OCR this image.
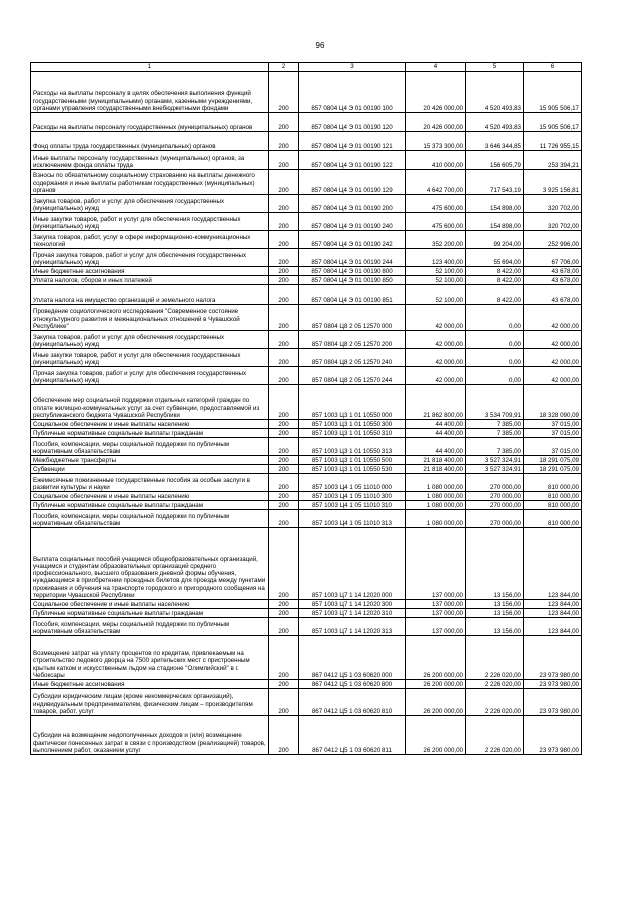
96
1	2	3	4	5	6
Расходы на выплаты персоналу в целях обеспечения выполнения функций государственными (муниципальными) органами, казенными учреждениями, органами управления государственными внебюджетными фондами	200	857 0804 Ц4 Э 01 00190 100	20 426 000,00	4 520 493,83	15 905 506,17
Расходы на выплаты персоналу государственных (муниципальных) органов	200	857 0804 Ц4 Э 01 00190 120	20 426 000,00	4 520 493,83	15 905 506,17
Фонд оплаты труда государственных (муниципальных) органов	200	857 0804 Ц4 Э 01 00190 121	15 373 300,00	3 646 344,85	11 726 955,15
Иные выплаты персоналу государственных (муниципальных) органов, за исключением фонда оплаты труда	200	857 0804 Ц4 Э 01 00190 122	410 000,00	156 605,79	253 394,21
Взносы по обязательному социальному страхованию на выплаты денежного содержания и иные выплаты работникам государственных (муниципальных) органов	200	857 0804 Ц4 Э 01 00190 129	4 642 700,00	717 543,19	3 925 156,81
Закупка товаров, работ и услуг для обеспечения государственных (муниципальных) нужд	200	857 0804 Ц4 Э 01 00190 200	475 600,00	154 898,00	320 702,00
Иные закупки товаров, работ и услуг для обеспечения государственных (муниципальных) нужд	200	857 0804 Ц4 Э 01 00190 240	475 600,00	154 898,00	320 702,00
Закупка товаров, работ, услуг в сфере информационно-коммуникационных технологий	200	857 0804 Ц4 Э 01 00190 242	352 200,00	99 204,00	252 996,00
Прочая закупка товаров, работ и услуг для обеспечения государственных (муниципальных) нужд	200	857 0804 Ц4 Э 01 00190 244	123 400,00	55 694,00	67 706,00
Иные бюджетные ассигнования	200	857 0804 Ц4 Э 01 00190 800	52 100,00	8 422,00	43 678,00
Уплата налогов, сборов и иных платежей	200	857 0804 Ц4 Э 01 00190 850	52 100,00	8 422,00	43 678,00
Уплата налога на имущество организаций и земельного налога	200	857 0804 Ц4 Э 01 00190 851	52 100,00	8 422,00	43 678,00
Проведение социологического исследования "Современное состояние этнокультурного развития и межнациональных отношений в Чувашской Республике"	200	857 0804 Ц8 2 05 12570 000	42 000,00	0,00	42 000,00
Закупка товаров, работ и услуг для обеспечения государственных (муниципальных) нужд	200	857 0804 Ц8 2 05 12570 200	42 000,00	0,00	42 000,00
Иные закупки товаров, работ и услуг для обеспечения государственных (муниципальных) нужд	200	857 0804 Ц8 2 05 12570 240	42 000,00	0,00	42 000,00
Прочая закупка товаров, работ и услуг для обеспечения государственных (муниципальных) нужд	200	857 0804 Ц8 2 05 12570 244	42 000,00	0,00	42 000,00
Обеспечение мер социальной поддержки отдельных категорий граждан по оплате жилищно-коммунальных услуг за счет субвенции, предоставляемой из республиканского бюджета Чувашской Республики	200	857 1003 Ц3 1 01 10550 000	21 862 800,00	3 534 709,91	18 328 090,09
Социальное обеспечение и иные выплаты населению	200	857 1003 Ц3 1 01 10550 300	44 400,00	7 385,00	37 015,00
Публичные нормативные социальные выплаты гражданам	200	857 1003 Ц3 1 01 10550 310	44 400,00	7 385,00	37 015,00
Пособия, компенсации, меры социальной поддержки по публичным нормативным обязательствам	200	857 1003 Ц3 1 01 10550 313	44 400,00	7 385,00	37 015,00
Межбюджетные трансферты	200	857 1003 Ц3 1 01 10550 500	21 818 400,00	3 527 324,91	18 291 075,09
Субвенции	200	857 1003 Ц3 1 01 10550 530	21 818 400,00	3 527 324,91	18 291 075,09
Ежемесячные пожизненные государственные пособия за особые заслуги в развитии культуры и науки	200	857 1003 Ц4 1 05 11010 000	1 080 000,00	270 000,00	810 000,00
Социальное обеспечение и иные выплаты населению	200	857 1003 Ц4 1 05 11010 300	1 080 000,00	270 000,00	810 000,00
Публичные нормативные социальные выплаты гражданам	200	857 1003 Ц4 1 05 11010 310	1 080 000,00	270 000,00	810 000,00
Пособия, компенсации, меры социальной поддержки по публичным нормативным обязательствам	200	857 1003 Ц4 1 05 11010 313	1 080 000,00	270 000,00	810 000,00
Выплата социальных пособий учащимся общеобразовательных организаций, учащимся и студентам образовательных организаций среднего профессионального, высшего образования дневной формы обучения, нуждающимся в приобретении проездных билетов для проезда между пунктами проживания и обучения на транспорте городского и пригородного сообщения на территории Чувашской Республики	200	857 1003 Ц7 1 14 12020 000	137 000,00	13 156,00	123 844,00
Социальное обеспечение и иные выплаты населению	200	857 1003 Ц7 1 14 12020 300	137 000,00	13 156,00	123 844,00
Публичные нормативные социальные выплаты гражданам	200	857 1003 Ц7 1 14 12020 310	137 000,00	13 156,00	123 844,00
Пособия, компенсации, меры социальной поддержки по публичным нормативным обязательствам	200	857 1003 Ц7 1 14 12020 313	137 000,00	13 156,00	123 844,00
Возмещение затрат на уплату процентов по кредитам, привлекаемым на строительство ледового дворца на 7500 зрительских мест с пристроенным крытым катком и искусственным льдом на стадионе "Олимпийский" в г. Чебоксары	200	867 0412 Ц5 1 03 60620 000	26 200 000,00	2 226 020,00	23 973 980,00
Иные бюджетные ассигнования	200	867 0412 Ц5 1 03 60620 800	26 200 000,00	2 226 020,00	23 973 980,00
Субсидии юридическим лицам (кроме некоммерческих организаций), индивидуальным предпринимателям, физическим лицам – производителям товаров, работ, услуг	200	867 0412 Ц5 1 03 60620 810	26 200 000,00	2 226 020,00	23 973 980,00
Субсидии на возмещение недополученных доходов и (или) возмещение фактически понесенных затрат в связи с производством (реализацией) товаров, выполнением работ, оказанием услуг	200	867 0412 Ц5 1 03 60620 811	26 200 000,00	2 226 020,00	23 973 980,00
